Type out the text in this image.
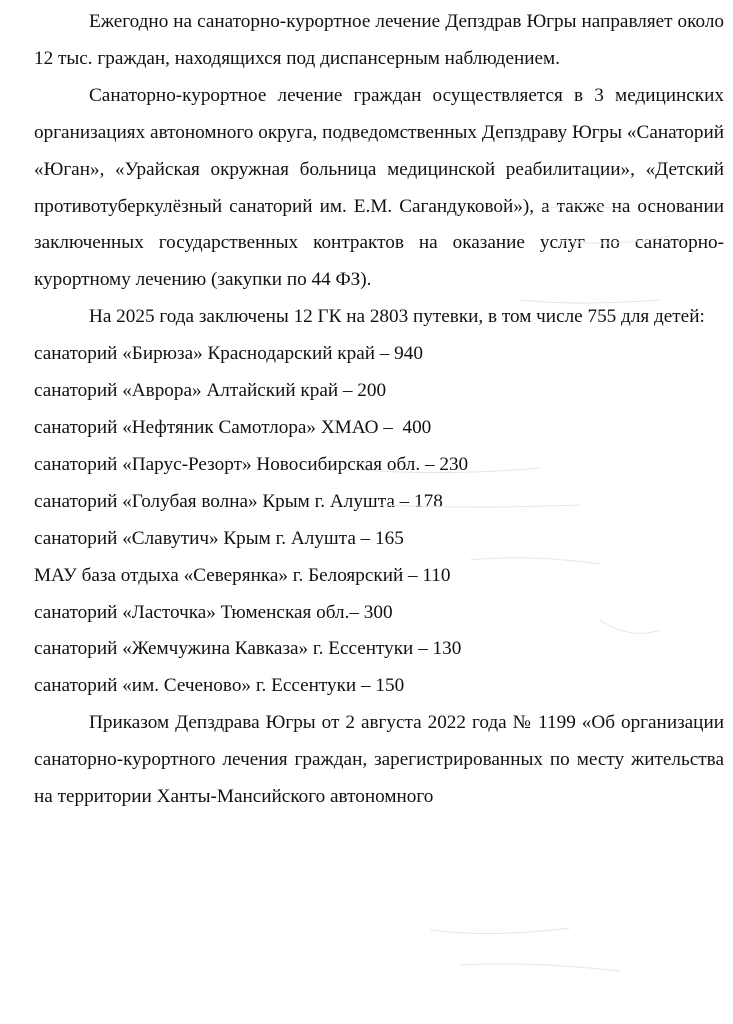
Ежегодно на санаторно-курортное лечение Депздрав Югры направляет около 12 тыс. граждан, находящихся под диспансерным наблюдением.

Санаторно-курортное лечение граждан осуществляется в 3 медицинских организациях автономного округа, подведомственных Депздраву Югры «Санаторий «Юган», «Урайская окружная больница медицинской реабилитации», «Детский противотуберкулёзный санаторий им. Е.М. Сагандуковой»), а также на основании заключенных государственных контрактов на оказание услуг по санаторно-курортному лечению (закупки по 44 ФЗ).

На 2025 года заключены 12 ГК на 2803 путевки, в том числе 755 для детей:

санаторий «Бирюза» Краснодарский край – 940
санаторий «Аврора» Алтайский край – 200
санаторий «Нефтяник Самотлора» ХМАО –  400
санаторий «Парус-Резорт» Новосибирская обл. – 230
санаторий «Голубая волна» Крым г. Алушта – 178
санаторий «Славутич» Крым г. Алушта – 165
МАУ база отдыха «Северянка» г. Белоярский – 110
санаторий «Ласточка» Тюменская обл.– 300
санаторий «Жемчужина Кавказа» г. Ессентуки – 130
санаторий «им. Сеченово» г. Ессентуки – 150

Приказом Депздрава Югры от 2 августа 2022 года № 1199 «Об организации санаторно-курортного лечения граждан, зарегистрированных по месту жительства на территории Ханты-Мансийского автономного
